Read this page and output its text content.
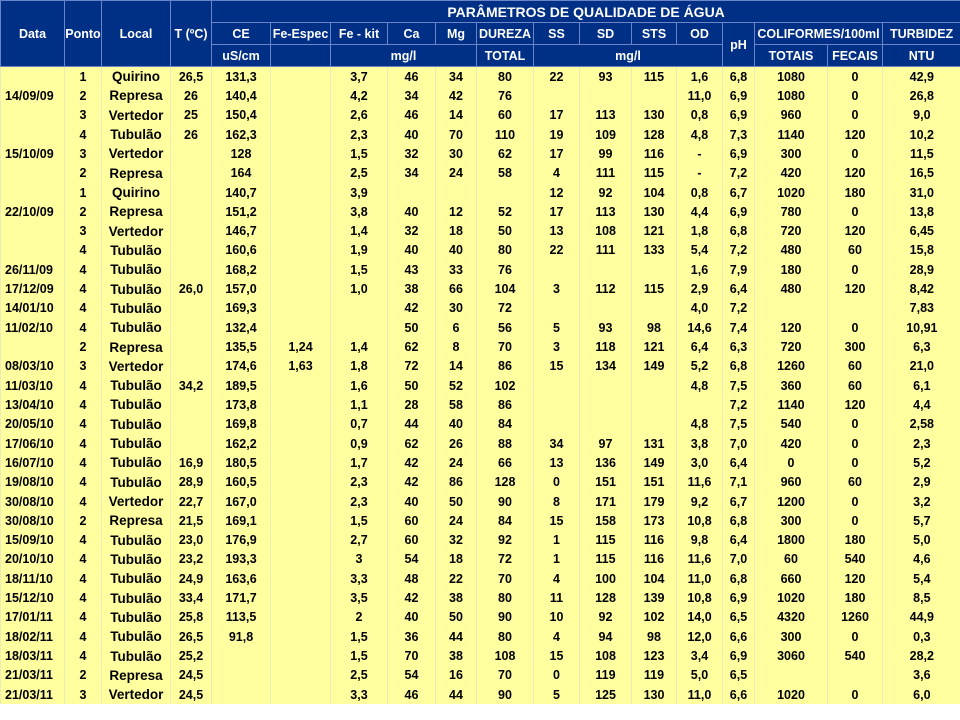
Data	Ponto	Local	T (ºC)	PARÂMETROS DE QUALIDADE DE ÁGUA													
				CE	Fe-Espec	Fe - kit	Ca	Mg	DUREZA	SS	SD	STS	OD	pH	COLIFORMES/100ml		TURBIDEZ
				uS/cm		mg/l			TOTAL	mg/l					TOTAIS	FECAIS	NTU
	1	Quirino	26,5	131,3		3,7	46	34	80	22	93	115	1,6	6,8	1080	0	42,9
14/09/09	2	Represa	26	140,4		4,2	34	42	76				11,0	6,9	1080	0	26,8
	3	Vertedor	25	150,4		2,6	46	14	60	17	113	130	0,8	6,9	960	0	9,0
	4	Tubulão	26	162,3		2,3	40	70	110	19	109	128	4,8	7,3	1140	120	10,2
15/10/09	3	Vertedor		128		1,5	32	30	62	17	99	116	-	6,9	300	0	11,5
	2	Represa		164		2,5	34	24	58	4	111	115	-	7,2	420	120	16,5
	1	Quirino		140,7		3,9				12	92	104	0,8	6,7	1020	180	31,0
22/10/09	2	Represa		151,2		3,8	40	12	52	17	113	130	4,4	6,9	780	0	13,8
	3	Vertedor		146,7		1,4	32	18	50	13	108	121	1,8	6,8	720	120	6,45
	4	Tubulão		160,6		1,9	40	40	80	22	111	133	5,4	7,2	480	60	15,8
26/11/09	4	Tubulão		168,2		1,5	43	33	76				1,6	7,9	180	0	28,9
17/12/09	4	Tubulão	26,0	157,0		1,0	38	66	104	3	112	115	2,9	6,4	480	120	8,42
14/01/10	4	Tubulão		169,3			42	30	72				4,0	7,2			7,83
11/02/10	4	Tubulão		132,4			50	6	56	5	93	98	14,6	7,4	120	0	10,91
	2	Represa		135,5	1,24	1,4	62	8	70	3	118	121	6,4	6,3	720	300	6,3
08/03/10	3	Vertedor		174,6	1,63	1,8	72	14	86	15	134	149	5,2	6,8	1260	60	21,0
11/03/10	4	Tubulão	34,2	189,5		1,6	50	52	102				4,8	7,5	360	60	6,1
13/04/10	4	Tubulão		173,8		1,1	28	58	86					7,2	1140	120	4,4
20/05/10	4	Tubulão		169,8		0,7	44	40	84				4,8	7,5	540	0	2,58
17/06/10	4	Tubulão		162,2		0,9	62	26	88	34	97	131	3,8	7,0	420	0	2,3
16/07/10	4	Tubulão	16,9	180,5		1,7	42	24	66	13	136	149	3,0	6,4	0	0	5,2
19/08/10	4	Tubulão	28,9	160,5		2,3	42	86	128	0	151	151	11,6	7,1	960	60	2,9
30/08/10	4	Vertedor	22,7	167,0		2,3	40	50	90	8	171	179	9,2	6,7	1200	0	3,2
30/08/10	2	Represa	21,5	169,1		1,5	60	24	84	15	158	173	10,8	6,8	300	0	5,7
15/09/10	4	Tubulão	23,0	176,9		2,7	60	32	92	1	115	116	9,8	6,4	1800	180	5,0
20/10/10	4	Tubulão	23,2	193,3		3	54	18	72	1	115	116	11,6	7,0	60	540	4,6
18/11/10	4	Tubulão	24,9	163,6		3,3	48	22	70	4	100	104	11,0	6,8	660	120	5,4
15/12/10	4	Tubulão	33,4	171,7		3,5	42	38	80	11	128	139	10,8	6,9	1020	180	8,5
17/01/11	4	Tubulão	25,8	113,5		2	40	50	90	10	92	102	14,0	6,5	4320	1260	44,9
18/02/11	4	Tubulão	26,5	91,8		1,5	36	44	80	4	94	98	12,0	6,6	300	0	0,3
18/03/11	4	Tubulão	25,2			1,5	70	38	108	15	108	123	3,4	6,9	3060	540	28,2
21/03/11	2	Represa	24,5			2,5	54	16	70	0	119	119	5,0	6,5			3,6
21/03/11	3	Vertedor	24,5			3,3	46	44	90	5	125	130	11,0	6,6	1020	0	6,0
